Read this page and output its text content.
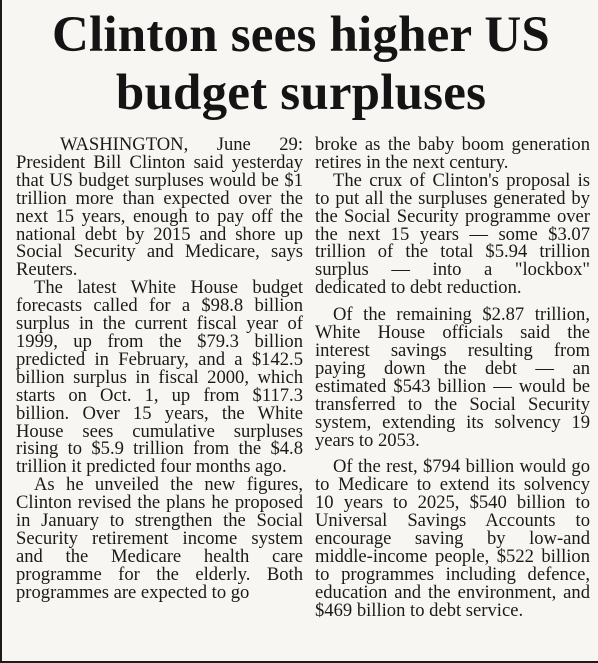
Clinton sees higher US budget surpluses

WASHINGTON, June 29: President Bill Clinton said yesterday that US budget surpluses would be $1 trillion more than expected over the next 15 years, enough to pay off the national debt by 2015 and shore up Social Security and Medicare, says Reuters.

The latest White House budget forecasts called for a $98.8 billion surplus in the current fiscal year of 1999, up from the $79.3 billion predicted in February, and a $142.5 billion surplus in fiscal 2000, which starts on Oct. 1, up from $117.3 billion. Over 15 years, the White House sees cumulative surpluses rising to $5.9 trillion from the $4.8 trillion it predicted four months ago.

As he unveiled the new figures, Clinton revised the plans he proposed in January to strengthen the Social Security retirement income system and the Medicare health care programme for the elderly. Both programmes are expected to go

broke as the baby boom generation retires in the next century.

The crux of Clinton's proposal is to put all the surpluses generated by the Social Security programme over the next 15 years — some $3.07 trillion of the total $5.94 trillion surplus — into a "lockbox" dedicated to debt reduction.

Of the remaining $2.87 trillion, White House officials said the interest savings resulting from paying down the debt — an estimated $543 billion — would be transferred to the Social Security system, extending its solvency 19 years to 2053.

Of the rest, $794 billion would go to Medicare to extend its solvency 10 years to 2025, $540 billion to Universal Savings Accounts to encourage saving by low-and middle-income people, $522 billion to programmes including defence, education and the environment, and $469 billion to debt service.
